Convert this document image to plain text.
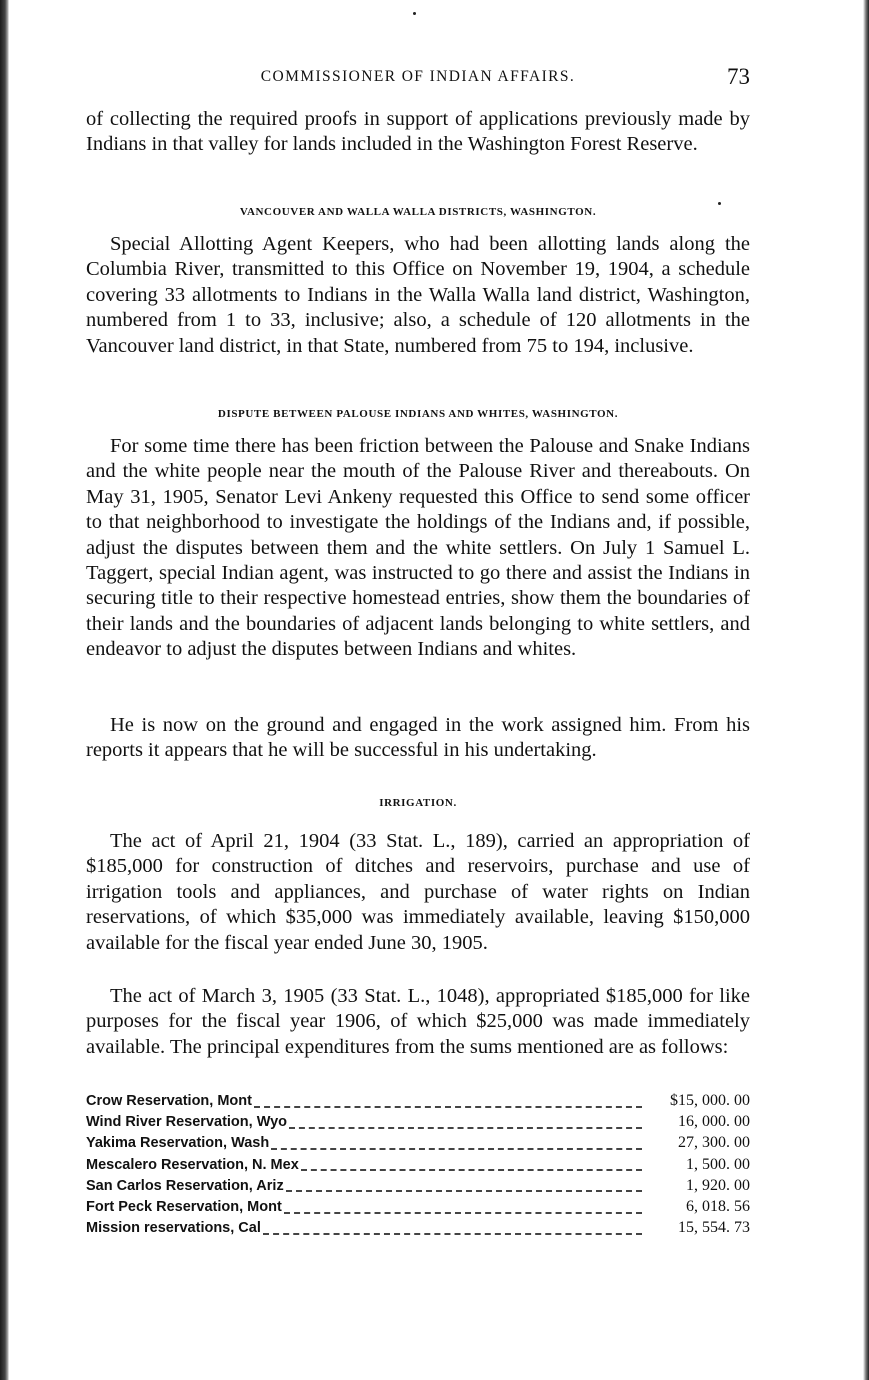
COMMISSIONER OF INDIAN AFFAIRS.	73

of collecting the required proofs in support of applications previously made by Indians in that valley for lands included in the Washington Forest Reserve.

VANCOUVER AND WALLA WALLA DISTRICTS, WASHINGTON.

Special Allotting Agent Keepers, who had been allotting lands along the Columbia River, transmitted to this Office on November 19, 1904, a schedule covering 33 allotments to Indians in the Walla Walla land district, Washington, numbered from 1 to 33, inclusive; also, a schedule of 120 allotments in the Vancouver land district, in that State, numbered from 75 to 194, inclusive.

DISPUTE BETWEEN PALOUSE INDIANS AND WHITES, WASHINGTON.

For some time there has been friction between the Palouse and Snake Indians and the white people near the mouth of the Palouse River and thereabouts. On May 31, 1905, Senator Levi Ankeny requested this Office to send some officer to that neighborhood to investigate the holdings of the Indians and, if possible, adjust the disputes between them and the white settlers. On July 1 Samuel L. Taggert, special Indian agent, was instructed to go there and assist the Indians in securing title to their respective homestead entries, show them the boundaries of their lands and the boundaries of adjacent lands belonging to white settlers, and endeavor to adjust the disputes between Indians and whites.

He is now on the ground and engaged in the work assigned him. From his reports it appears that he will be successful in his undertaking.

IRRIGATION.

The act of April 21, 1904 (33 Stat. L., 189), carried an appropriation of $185,000 for construction of ditches and reservoirs, purchase and use of irrigation tools and appliances, and purchase of water rights on Indian reservations, of which $35,000 was immediately available, leaving $150,000 available for the fiscal year ended June 30, 1905.

The act of March 3, 1905 (33 Stat. L., 1048), appropriated $185,000 for like purposes for the fiscal year 1906, of which $25,000 was made immediately available. The principal expenditures from the sums mentioned are as follows:

Crow Reservation, Mont	$15, 000. 00
Wind River Reservation, Wyo	16, 000. 00
Yakima Reservation, Wash	27, 300. 00
Mescalero Reservation, N. Mex	1, 500. 00
San Carlos Reservation, Ariz	1, 920. 00
Fort Peck Reservation, Mont	6, 018. 56
Mission reservations, Cal	15, 554. 73
